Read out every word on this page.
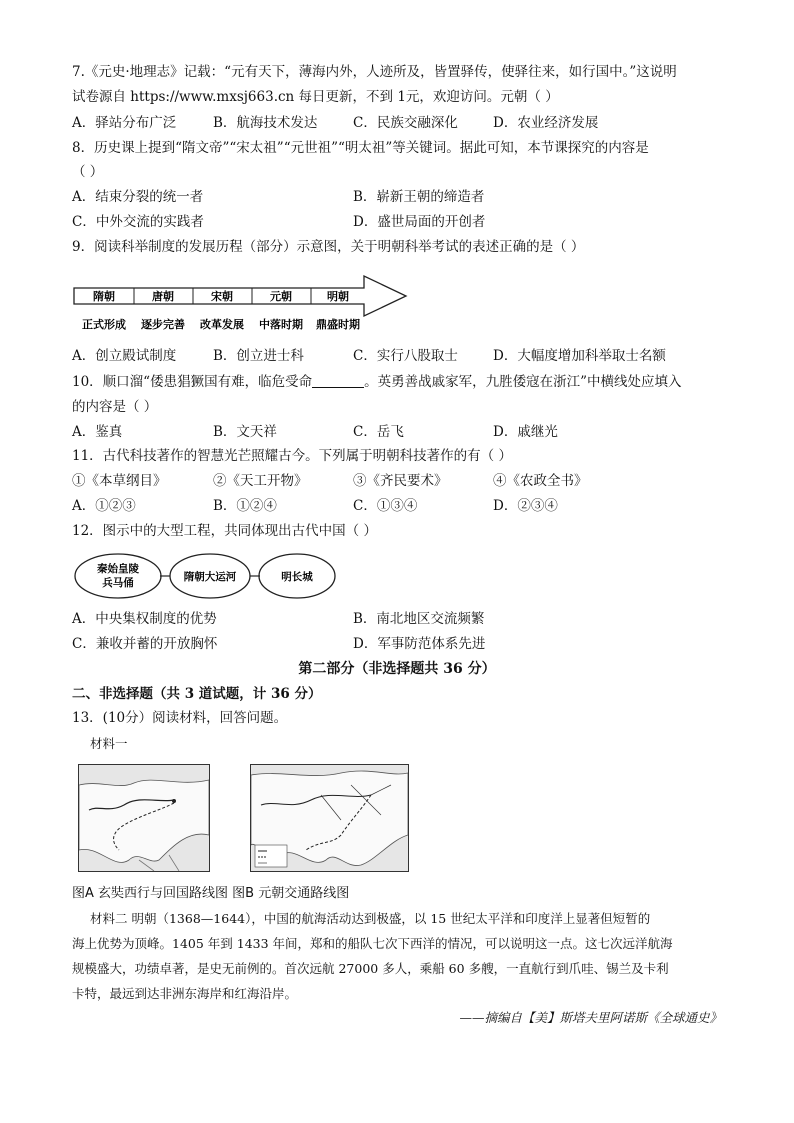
7.《元史·地理志》记载：“元有天下，薄海内外，人迹所及，皆置驿传，使驿往来，如行国中。”这说明
试卷源自 https://www.mxsj663.cn 每日更新，不到 1元，欢迎访问。元朝（ ）
A．驿站分布广泛	B．航海技术发达	C．民族交融深化	D．农业经济发展
8．历史课上提到“隋文帝”“宋太祖”“元世祖”“明太祖”等关键词。据此可知，本节课探究的内容是
（ ）
A．结束分裂的统一者	B．崭新王朝的缔造者
C．中外交流的实践者	D．盛世局面的开创者
9．阅读科举制度的发展历程（部分）示意图，关于明朝科举考试的表述正确的是（ ）
隋朝	唐朝	宋朝	元朝	明朝
正式形成 逐步完善 改革发展 中落时期 鼎盛时期
A．创立殿试制度	B．创立进士科	C．实行八股取士	D．大幅度增加科举取士名额
10．顺口溜“倭患猖獗国有难，临危受命	。英勇善战戚家军，九胜倭寇在浙江”中横线处应填入
的内容是（ ）
A．鉴真	B．文天祥	C．岳飞	D．戚继光
11．古代科技著作的智慧光芒照耀古今。下列属于明朝科技著作的有（ ）
①《本草纲目》	②《天工开物》	③《齐民要术》	④《农政全书》
A．①②③	B．①②④	C．①③④	D．②③④
12．图示中的大型工程，共同体现出古代中国（ ）
秦始皇陵
兵马俑	隋朝大运河	明长城
A．中央集权制度的优势	B．南北地区交流频繁
C．兼收并蓄的开放胸怀	D．军事防范体系先进
第二部分（非选择题共 36 分）
二、非选择题（共 3 道试题，计 36 分）
13．(10分）阅读材料，回答问题。
材料一
图A 玄奘西行与回国路线图 图B 元朝交通路线图
材料二 明朝（1368—1644），中国的航海活动达到极盛，以 15 世纪太平洋和印度洋上显著但短暂的
海上优势为顶峰。1405 年到 1433 年间，郑和的船队七次下西洋的情况，可以说明这一点。这七次远洋航海
规模盛大，功绩卓著，是史无前例的。首次远航 27000 多人，乘船 60 多艘，一直航行到爪哇、锡兰及卡利
卡特，最远到达非洲东海岸和红海沿岸。
——摘编自【美】斯塔夫里阿诺斯《全球通史》
